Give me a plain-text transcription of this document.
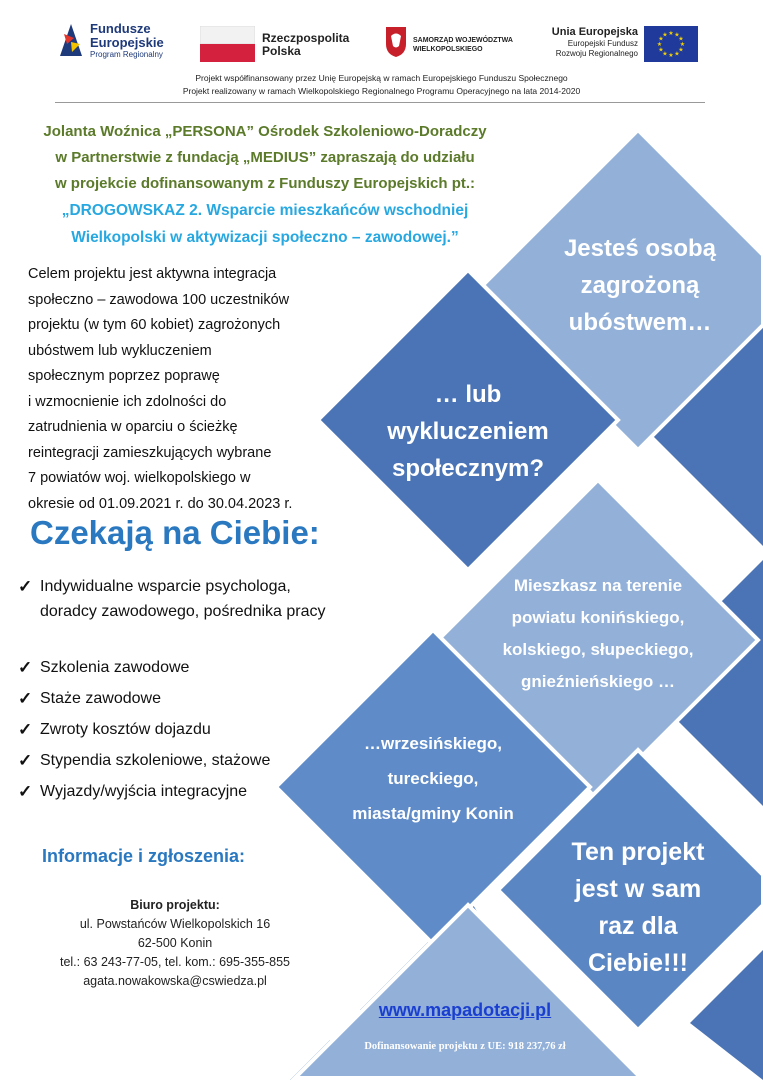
Fundusze
Europejskie
Program Regionalny
Rzeczpospolita
Polska
SAMORZĄD WOJEWÓDZTWA
WIELKOPOLSKIEGO
Unia Europejska
Europejski Fundusz
Rozwoju Regionalnego
★ ★
★
★
★
★
★
★
★
★
★
★
Projekt współfinansowany przez Unię Europejską w ramach Europejskiego Funduszu Społecznego
Projekt realizowany w ramach Wielkopolskiego Regionalnego Programu Operacyjnego na lata 2014-2020
Jolanta Woźnica „PERSONA” Ośrodek Szkoleniowo-Doradczy
w Partnerstwie z fundacją „MEDIUS” zapraszają do udziału
w projekcie dofinansowanym z Funduszy Europejskich pt.:
„DROGOWSKAZ 2. Wsparcie mieszkańców wschodniej
Wielkopolski w aktywizacji społeczno – zawodowej.”
Celem projektu jest aktywna integracja
społeczno – zawodowa 100 uczestników
projektu (w tym 60 kobiet) zagrożonych
ubóstwem lub wykluczeniem
społecznym poprzez poprawę
i wzmocnienie ich zdolności do
zatrudnienia w oparciu o ścieżkę
reintegracji zamieszkujących wybrane
7 powiatów woj. wielkopolskiego w
okresie od 01.09.2021 r. do 30.04.2023 r.
Czekają na Ciebie:
✓ Indywidualne wsparcie psychologa, doradcy zawodowego, pośrednika pracy
✓ Szkolenia zawodowe
✓ Staże zawodowe
✓ Zwroty kosztów dojazdu
✓ Stypendia szkoleniowe, stażowe
✓ Wyjazdy/wyjścia integracyjne
Informacje i zgłoszenia:
Biuro projektu:
ul. Powstańców Wielkopolskich 16
62-500 Konin
tel.: 63 243-77-05, tel. kom.: 695-355-855
agata.nowakowska@cswiedza.pl
Jesteś osobą
zagrożoną
ubóstwem…
… lub
wykluczeniem
społecznym?
Mieszkasz na terenie
powiatu konińskiego,
kolskiego, słupeckiego,
gnieźnieńskiego …
…wrzesińskiego,
tureckiego,
miasta/gminy Konin
Ten projekt
jest w sam
raz dla
Ciebie!!!
www.mapadotacji.pl
Dofinansowanie projektu z UE: 918 237,76 zł
